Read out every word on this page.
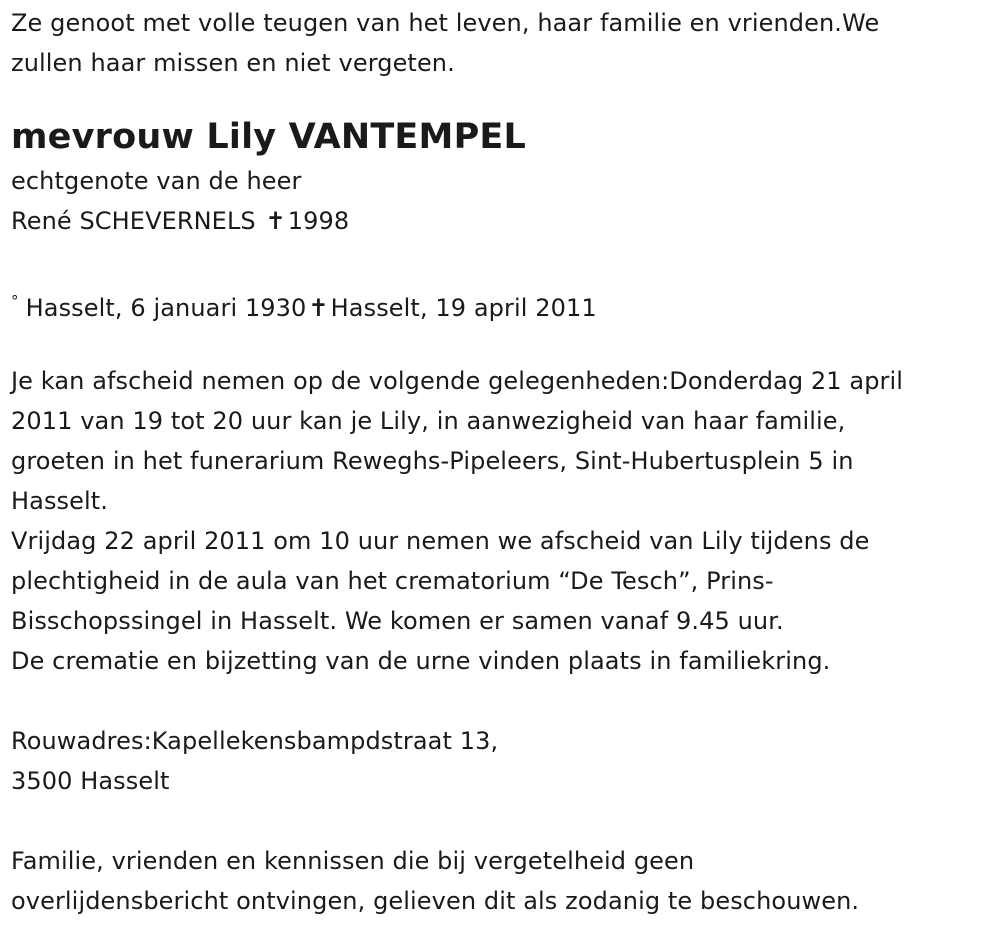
Ze genoot met volle teugen van het leven, haar familie en vrienden.We
zullen haar missen en niet vergeten.
mevrouw Lily VANTEMPEL
echtgenote van de heer
René SCHEVERNELS ✝1998
° Hasselt, 6 januari 1930✝Hasselt, 19 april 2011
Je kan afscheid nemen op de volgende gelegenheden:Donderdag 21 april
2011 van 19 tot 20 uur kan je Lily, in aanwezigheid van haar familie,
groeten in het funerarium Reweghs-Pipeleers, Sint-Hubertusplein 5 in
Hasselt.
Vrijdag 22 april 2011 om 10 uur nemen we afscheid van Lily tijdens de
plechtigheid in de aula van het crematorium “De Tesch”, Prins-
Bisschopssingel in Hasselt. We komen er samen vanaf 9.45 uur.
De crematie en bijzetting van de urne vinden plaats in familiekring.
Rouwadres:Kapellekensbampdstraat 13,
3500 Hasselt
Familie, vrienden en kennissen die bij vergetelheid geen
overlijdensbericht ontvingen, gelieven dit als zodanig te beschouwen.
